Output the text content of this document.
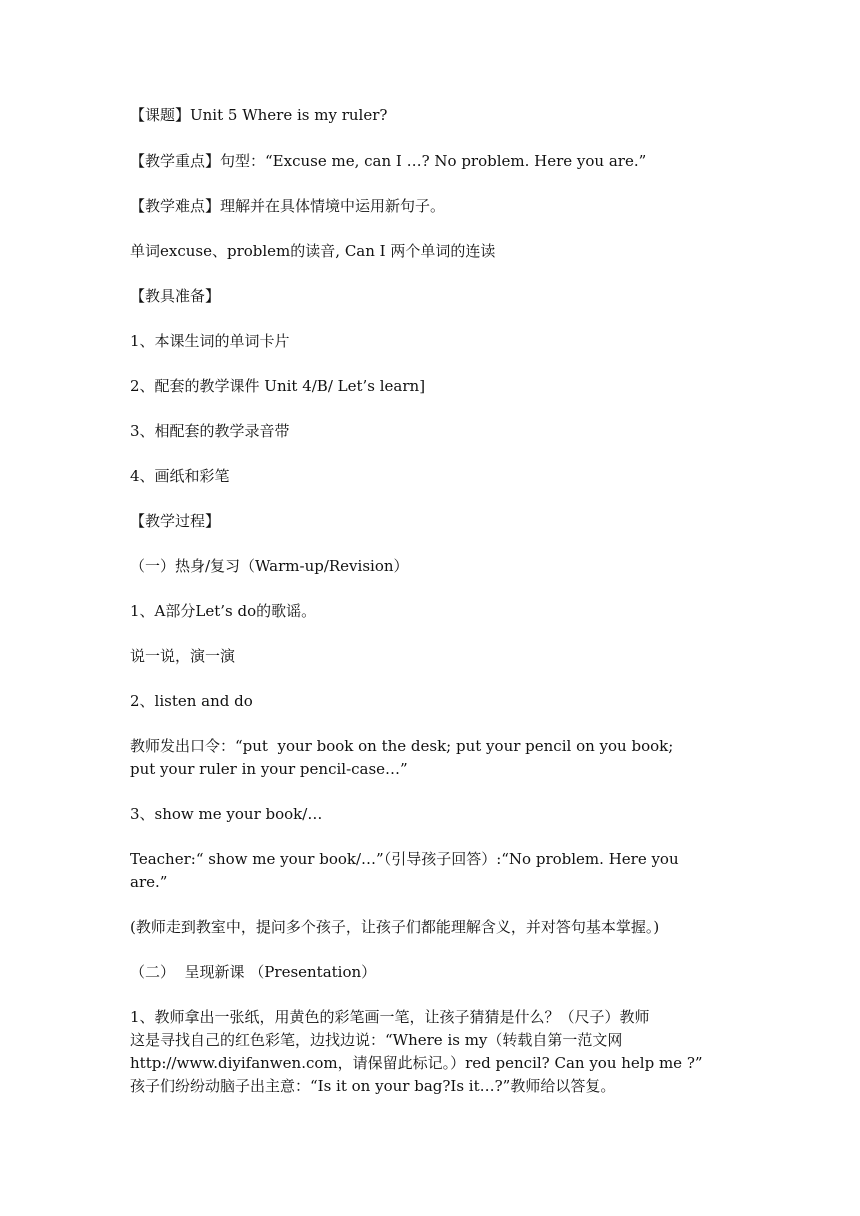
【课题】Unit 5 Where is my ruler?
【教学重点】句型：“Excuse me, can I …? No problem. Here you are.”
【教学难点】理解并在具体情境中运用新句子。
单词excuse、problem的读音, Can I 两个单词的连读
【教具准备】
1、本课生词的单词卡片
2、配套的教学课件 Unit 4/B/ Let’s learn]
3、相配套的教学录音带
4、画纸和彩笔
【教学过程】
（一）热身/复习（Warm-up/Revision）
1、A部分Let’s do的歌谣。
说一说，演一演
2、listen and do
教师发出口令：“put  your book on the desk; put your pencil on you book;
put your ruler in your pencil-case…”
3、show me your book/…
Teacher:“ show me your book/…”（引导孩子回答）:“No problem. Here you
are.”
(教师走到教室中，提问多个孩子，让孩子们都能理解含义，并对答句基本掌握。)
（二）  呈现新课 （Presentation）
1、教师拿出一张纸，用黄色的彩笔画一笔，让孩子猜猜是什么？（尺子）教师
这是寻找自己的红色彩笔，边找边说：“Where is my（转载自第一范文网
http://www.diyifanwen.com，请保留此标记。）red pencil? Can you help me ?”
孩子们纷纷动脑子出主意：“Is it on your bag?Is it…?”教师给以答复。
